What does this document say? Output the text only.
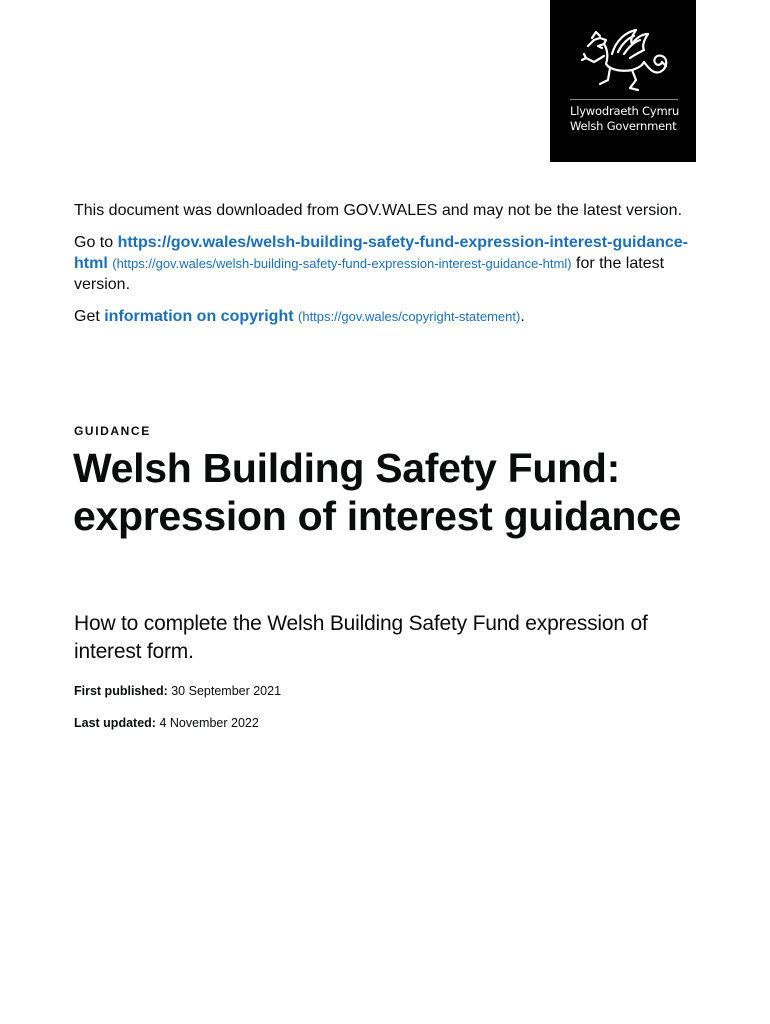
Llywodraeth Cymru
Welsh Government

This document was downloaded from GOV.WALES and may not be the latest version.

Go to https://gov.wales/welsh-building-safety-fund-expression-interest-guidance-html (https://gov.wales/welsh-building-safety-fund-expression-interest-guidance-html) for the latest version.

Get information on copyright (https://gov.wales/copyright-statement).

GUIDANCE
Welsh Building Safety Fund: expression of interest guidance

How to complete the Welsh Building Safety Fund expression of interest form.

First published: 30 September 2021

Last updated: 4 November 2022
